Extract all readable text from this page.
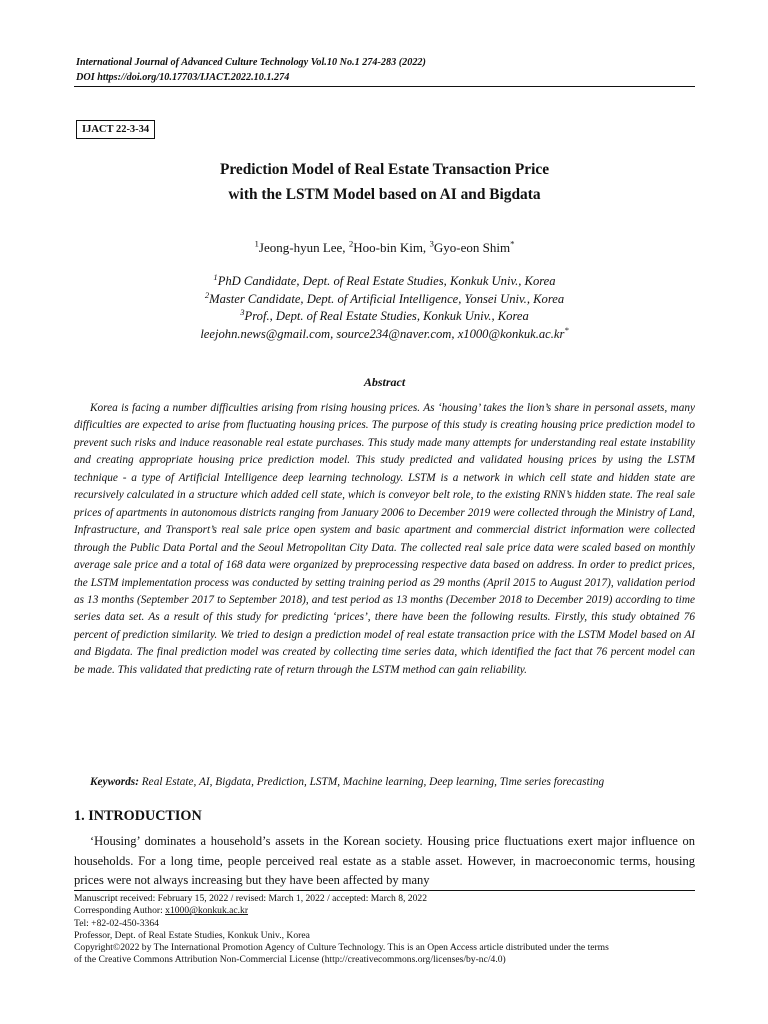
International Journal of Advanced Culture Technology Vol.10 No.1 274-283 (2022)
DOI https://doi.org/10.17703/IJACT.2022.10.1.274
IJACT 22-3-34
Prediction Model of Real Estate Transaction Price
with the LSTM Model based on AI and Bigdata
$^1$Jeong-hyun Lee, $^2$Hoo-bin Kim, $^3$Gyo-eon Shim*
$^1$PhD Candidate, Dept. of Real Estate Studies, Konkuk Univ., Korea
$^2$Master Candidate, Dept. of Artificial Intelligence, Yonsei Univ., Korea
$^3$Prof., Dept. of Real Estate Studies, Konkuk Univ., Korea
leejohn.news@gmail.com, source234@naver.com, x1000@konkuk.ac.kr*
Abstract

Korea is facing a number difficulties arising from rising housing prices. As ‘housing’ takes the lion’s share in personal assets, many difficulties are expected to arise from fluctuating housing prices. The purpose of this study is creating housing price prediction model to prevent such risks and induce reasonable real estate purchases. This study made many attempts for understanding real estate instability and creating appropriate housing price prediction model. This study predicted and validated housing prices by using the LSTM technique - a type of Artificial Intelligence deep learning technology. LSTM is a network in which cell state and hidden state are recursively calculated in a structure which added cell state, which is conveyor belt role, to the existing RNN’s hidden state. The real sale prices of apartments in autonomous districts ranging from January 2006 to December 2019 were collected through the Ministry of Land, Infrastructure, and Transport’s real sale price open system and basic apartment and commercial district information were collected through the Public Data Portal and the Seoul Metropolitan City Data. The collected real sale price data were scaled based on monthly average sale price and a total of 168 data were organized by preprocessing respective data based on address. In order to predict prices, the LSTM implementation process was conducted by setting training period as 29 months (April 2015 to August 2017), validation period as 13 months (September 2017 to September 2018), and test period as 13 months (December 2018 to December 2019) according to time series data set. As a result of this study for predicting ‘prices’, there have been the following results. Firstly, this study obtained 76 percent of prediction similarity. We tried to design a prediction model of real estate transaction price with the LSTM Model based on AI and Bigdata. The final prediction model was created by collecting time series data, which identified the fact that 76 percent model can be made. This validated that predicting rate of return through the LSTM method can gain reliability.

Keywords: Real Estate, AI, Bigdata, Prediction, LSTM, Machine learning, Deep learning, Time series forecasting
1. INTRODUCTION

‘Housing’ dominates a household’s assets in the Korean society. Housing price fluctuations exert major influence on households. For a long time, people perceived real estate as a stable asset. However, in macroeconomic terms, housing prices were not always increasing but they have been affected by many

Manuscript received: February 15, 2022 / revised: March 1, 2022 / accepted: March 8, 2022
Corresponding Author: x1000@konkuk.ac.kr
Tel: +82-02-450-3364
Professor, Dept. of Real Estate Studies, Konkuk Univ., Korea
Copyright©2022 by The International Promotion Agency of Culture Technology. This is an Open Access article distributed under the terms
of the Creative Commons Attribution Non-Commercial License (http://creativecommons.org/licenses/by-nc/4.0)
